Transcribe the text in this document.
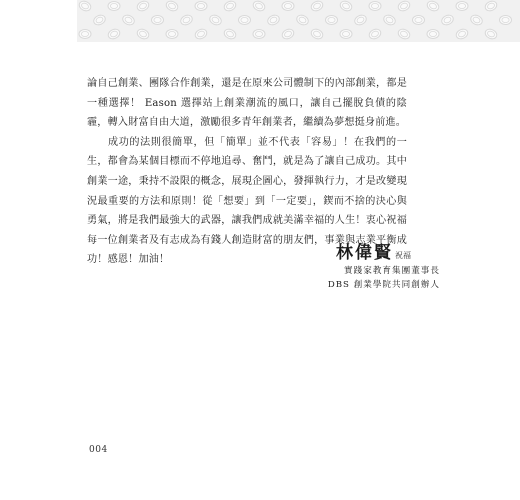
論自己創業、團隊合作創業，還是在原來公司體制下的內部創業，都是一種選擇！ Eason 選擇站上創業潮流的風口，讓自己擺脫負債的陰霾，轉入財富自由大道，激勵很多青年創業者，繼續為夢想挺身前進。

成功的法則很簡單，但「簡單」並不代表「容易」！在我們的一生，都會為某個目標而不停地追尋、奮鬥，就是為了讓自己成功。其中創業一途，秉持不設限的概念，展現企圖心，發揮執行力，才是改變現況最重要的方法和原則！從「想要」到「一定要」，鍥而不捨的決心與勇氣，將是我們最強大的武器，讓我們成就美滿幸福的人生！衷心祝福每一位創業者及有志成為有錢人創造財富的朋友們，事業與志業平衡成功！感恩！加油！	林偉賢 祝福
實踐家教育集團董事長
DBS 創業學院共同創辦人
004
